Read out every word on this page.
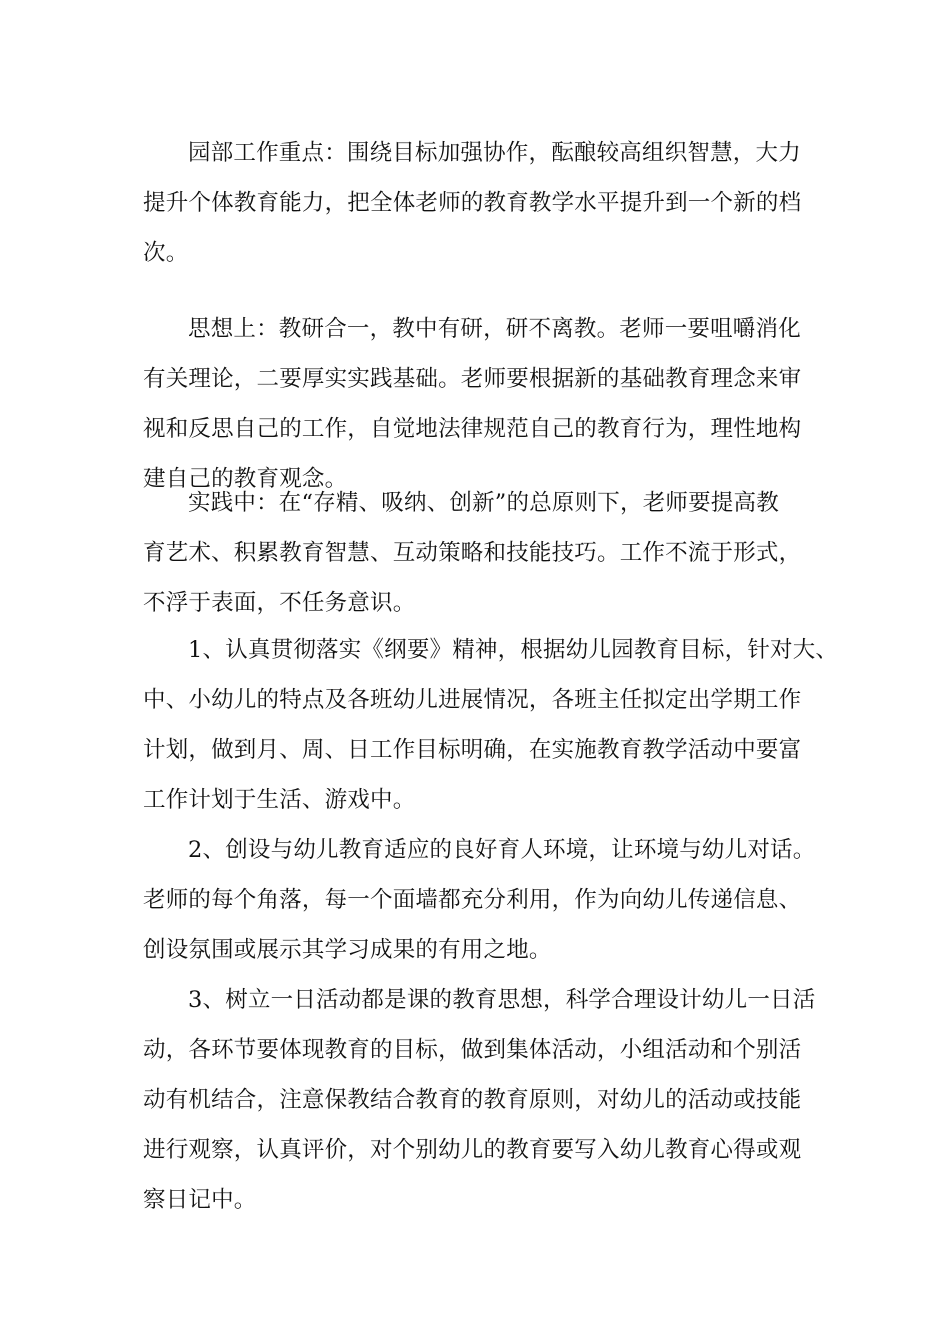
园部工作重点：围绕目标加强协作，酝酿较高组织智慧，大力
提升个体教育能力，把全体老师的教育教学水平提升到一个新的档
次。
思想上：教研合一，教中有研，研不离教。老师一要咀嚼消化
有关理论，二要厚实实践基础。老师要根据新的基础教育理念来审
视和反思自己的工作，自觉地法律规范自己的教育行为，理性地构
建自己的教育观念。
实践中：在“存精、吸纳、创新”的总原则下，老师要提高教
育艺术、积累教育智慧、互动策略和技能技巧。工作不流于形式，
不浮于表面，不任务意识。
1、认真贯彻落实《纲要》精神，根据幼儿园教育目标，针对大、
中、小幼儿的特点及各班幼儿进展情况，各班主任拟定出学期工作
计划，做到月、周、日工作目标明确，在实施教育教学活动中要富
工作计划于生活、游戏中。
2、创设与幼儿教育适应的良好育人环境，让环境与幼儿对话。
老师的每个角落，每一个面墙都充分利用，作为向幼儿传递信息、
创设氛围或展示其学习成果的有用之地。
3、树立一日活动都是课的教育思想，科学合理设计幼儿一日活
动，各环节要体现教育的目标，做到集体活动，小组活动和个别活
动有机结合，注意保教结合教育的教育原则，对幼儿的活动或技能
进行观察，认真评价，对个别幼儿的教育要写入幼儿教育心得或观
察日记中。
